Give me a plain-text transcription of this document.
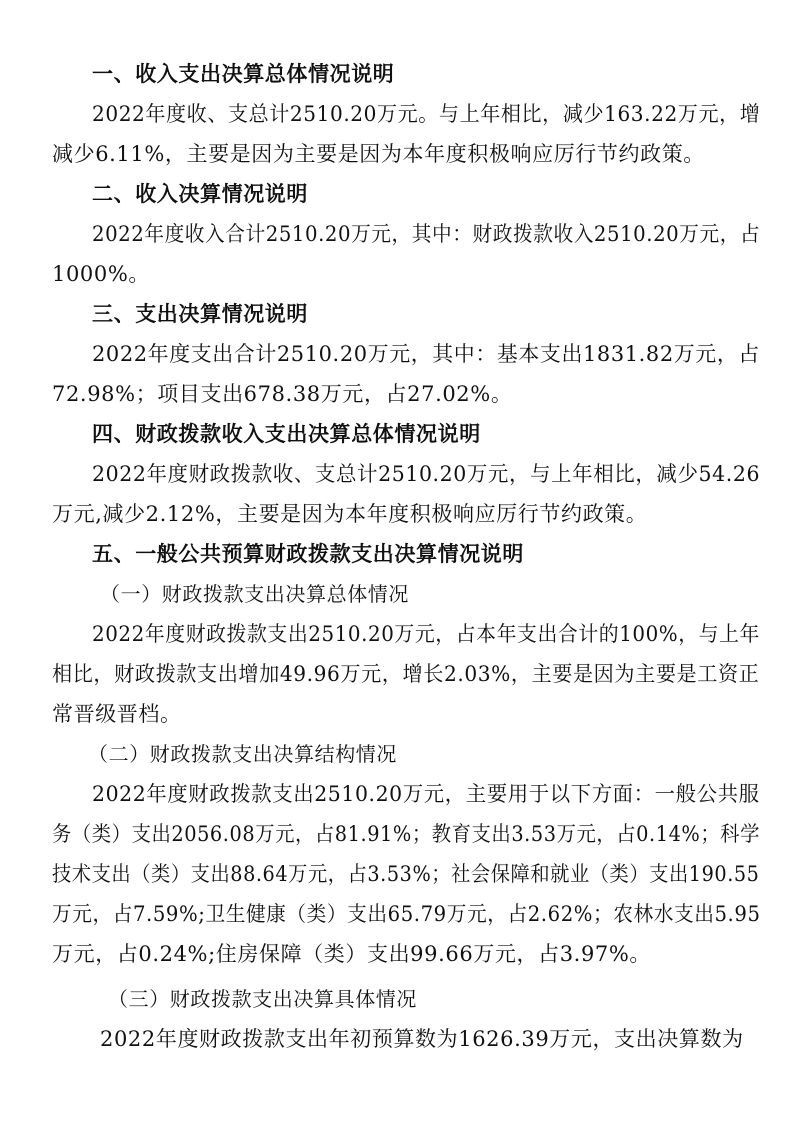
一、收入支出决算总体情况说明
2022年度收、支总计2510.20万元。与上年相比，减少163.22万元，增
减少6.11%，主要是因为主要是因为本年度积极响应厉行节约政策。
二、收入决算情况说明
2022年度收入合计2510.20万元，其中：财政拨款收入2510.20万元，占
1000%。
三、支出决算情况说明
2022年度支出合计2510.20万元，其中：基本支出1831.82万元，占
72.98%；项目支出678.38万元，占27.02%。
四、财政拨款收入支出决算总体情况说明
2022年度财政拨款收、支总计2510.20万元，与上年相比，减少54.26
万元,减少2.12%，主要是因为本年度积极响应厉行节约政策。
五、一般公共预算财政拨款支出决算情况说明
（一）财政拨款支出决算总体情况
2022年度财政拨款支出2510.20万元，占本年支出合计的100%，与上年
相比，财政拨款支出增加49.96万元，增长2.03%，主要是因为主要是工资正
常晋级晋档。
（二）财政拨款支出决算结构情况
2022年度财政拨款支出2510.20万元，主要用于以下方面：一般公共服
务（类）支出2056.08万元，占81.91%；教育支出3.53万元，占0.14%；科学
技术支出（类）支出88.64万元，占3.53%；社会保障和就业（类）支出190.55
万元，占7.59%;卫生健康（类）支出65.79万元，占2.62%；农林水支出5.95
万元，占0.24%;住房保障（类）支出99.66万元，占3.97%。
（三）财政拨款支出决算具体情况
2022年度财政拨款支出年初预算数为1626.39万元，支出决算数为
